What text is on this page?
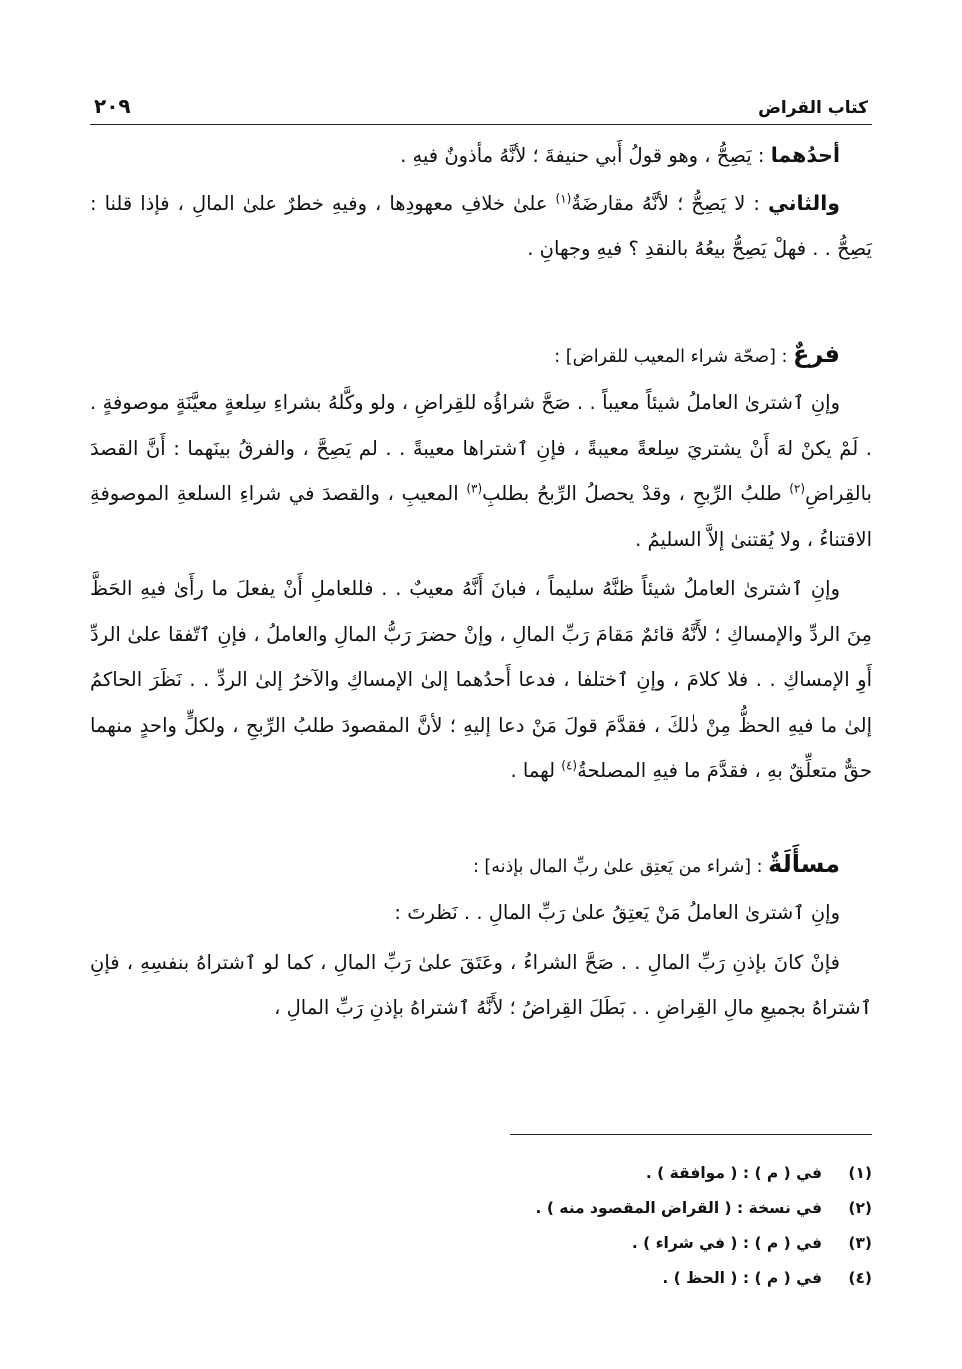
كتاب القراض
٢٠٩

أحدُهما : يَصِحُّ ، وهو قولُ أَبي حنيفةَ ؛ لأنَّهُ مأذونٌ فيهِ .

والثاني : لا يَصِحُّ ؛ لأنَّهُ مقارضَةٌ$^{(١)}$ علىٰ خلافِ معهودِها ، وفيهِ خطرٌ علىٰ المالِ ، فإذا قلنا : يَصِحُّ . . فهلْ يَصِحُّ بيعُهُ بالنقدِ ؟ فيهِ وجهانِ .

فرعٌ : [صحّة شراء المعيب للقراض] :

وإنِ ٱشترىٰ العاملُ شيئاً معيباً . . صَحَّ شراؤُه للقِراضِ ، ولو وكَّلهُ بشراءِ سِلعةٍ معيَّنَةٍ موصوفةٍ . . لَمْ يكنْ لهَ أَنْ يشتريَ سِلعةً معيبةً ، فإنِ ٱشتراها معيبةً . . لم يَصِحَّ ، والفرقُ بينَهما : أَنَّ القصدَ بالقِراضِ$^{(٢)}$ طلبُ الرِّبحِ ، وقدْ يحصلُ الرِّبحُ بطلبِ$^{(٣)}$ المعيبِ ، والقصدَ في شراءِ السلعةِ الموصوفةِ الاقتناءُ ، ولا يُقتنىٰ إلاَّ السليمُ .

وإنِ ٱشترىٰ العاملُ شيئاً ظنَّهُ سليماً ، فبانَ أَنَّهُ معيبٌ . . فللعاملِ أَنْ يفعلَ ما رأَىٰ فيهِ الحَظَّ مِنَ الردِّ والإمساكِ ؛ لأَنَّهُ قائمٌ مَقامَ رَبِّ المالِ ، وإنْ حضرَ رَبُّ المالِ والعاملُ ، فإنِ ٱتّفقا علىٰ الردِّ أَوِ الإمساكِ . . فلا كلامَ ، وإنِ ٱختلفا ، فدعا أَحدُهما إلىٰ الإمساكِ والآخرُ إلىٰ الردِّ . . نَظَرَ الحاكمُ إلىٰ ما فيهِ الحظُّ مِنْ ذٰلكَ ، فقدَّمَ قولَ مَنْ دعا إليهِ ؛ لأنَّ المقصودَ طلبُ الرِّبحِ ، ولكلٍّ واحدٍ منهما حقٌّ متعلِّقٌ بهِ ، فقدَّمَ ما فيهِ المصلحةُ$^{(٤)}$ لهما .

مسأَلَةٌ : [شراء من يَعتِق علىٰ ربِّ المال بإذنه] :

وإنِ ٱشترىٰ العاملُ مَنْ يَعتِقُ علىٰ رَبِّ المالِ . . نَظرتَ :

فإنْ كانَ بإذنِ رَبِّ المالِ . . صَحَّ الشراءُ ، وعَتَقَ علىٰ رَبِّ المالِ ، كما لو ٱشتراهُ بنفسِهِ ، فإنِ ٱشتراهُ بجميعِ مالِ القِراضِ . . بَطَلَ القِراضُ ؛ لأَنَّهُ ٱشتراهُ بإذنِ رَبِّ المالِ ،

(١)
في ( م ) : ( موافقة ) .
(٢)
في نسخة : ( القراض المقصود منه ) .
(٣)
في ( م ) : ( في شراء ) .
(٤)
في ( م ) : ( الحظ ) .
